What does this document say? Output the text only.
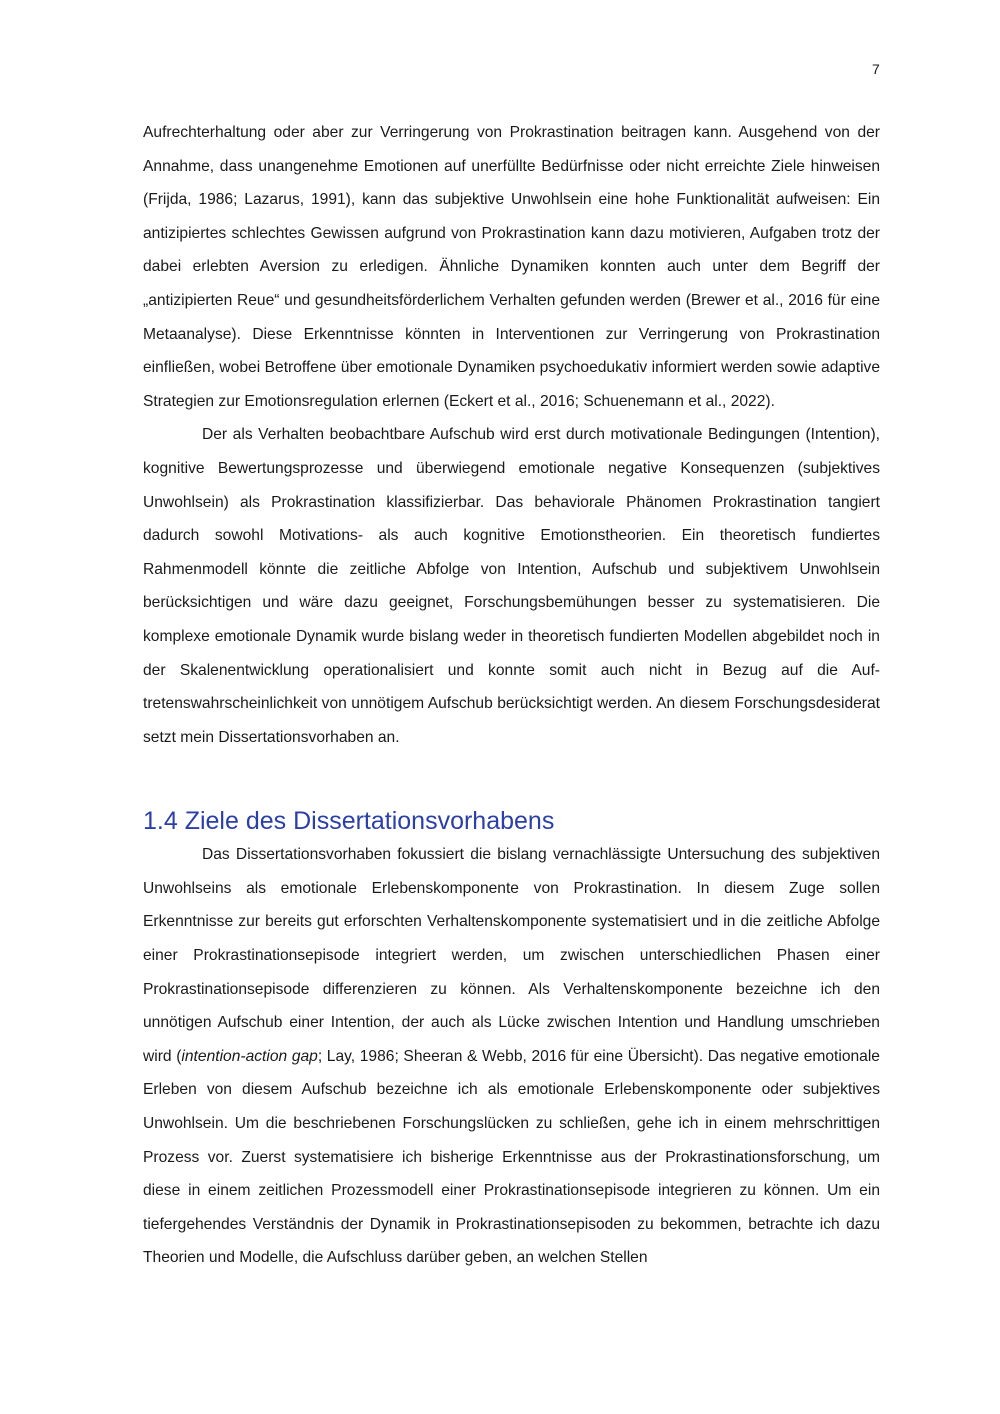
7

Aufrechterhaltung oder aber zur Verringerung von Prokrastination beitragen kann. Ausgehend von der Annahme, dass unangenehme Emotionen auf unerfüllte Bedürfnisse oder nicht erreichte Ziele hinweisen (Frijda, 1986; Lazarus, 1991), kann das subjektive Unwohlsein eine hohe Funktionalität aufweisen: Ein antizipiertes schlechtes Gewissen aufgrund von Prokrastination kann dazu motivieren, Aufgaben trotz der dabei erlebten Aversion zu erledigen. Ähnliche Dynamiken konnten auch unter dem Begriff der „antizipierten Reue“ und gesundheitsförderlichem Verhalten gefunden werden (Brewer et al., 2016 für eine Metaanalyse). Diese Erkenntnisse könnten in Interventionen zur Verringerung von Prokrastination einfließen, wobei Betroffene über emotionale Dynamiken psychoedukativ informiert werden sowie adaptive Strategien zur Emotionsregulation erlernen (Eckert et al., 2016; Schuenemann et al., 2022).

Der als Verhalten beobachtbare Aufschub wird erst durch motivationale Bedingungen (Intention), kognitive Bewertungsprozesse und überwiegend emotionale negative Konsequenzen (subjektives Unwohlsein) als Prokrastination klassifizierbar. Das behaviorale Phänomen Prokrastination tangiert dadurch sowohl Motivations- als auch kognitive Emotionstheorien. Ein theoretisch fundiertes Rahmenmodell könnte die zeitliche Abfolge von Intention, Aufschub und subjektivem Unwohlsein berücksichtigen und wäre dazu geeignet, Forschungsbemühungen besser zu systematisieren. Die komplexe emotionale Dynamik wurde bislang weder in theoretisch fundierten Modellen abgebildet noch in der Skalenentwicklung operationalisiert und konnte somit auch nicht in Bezug auf die Auftretenswahrscheinlichkeit von unnötigem Aufschub berücksichtigt werden. An diesem Forschungsdesiderat setzt mein Dissertationsvorhaben an.

1.4 Ziele des Dissertationsvorhabens

Das Dissertationsvorhaben fokussiert die bislang vernachlässigte Untersuchung des subjektiven Unwohlseins als emotionale Erlebenskomponente von Prokrastination. In diesem Zuge sollen Erkenntnisse zur bereits gut erforschten Verhaltenskomponente systematisiert und in die zeitliche Abfolge einer Prokrastinationsepisode integriert werden, um zwischen unterschiedlichen Phasen einer Prokrastinationsepisode differenzieren zu können. Als Verhaltenskomponente bezeichne ich den unnötigen Aufschub einer Intention, der auch als Lücke zwischen Intention und Handlung umschrieben wird (intention-action gap; Lay, 1986; Sheeran & Webb, 2016 für eine Übersicht). Das negative emotionale Erleben von diesem Aufschub bezeichne ich als emotionale Erlebenskomponente oder subjektives Unwohlsein. Um die beschriebenen Forschungslücken zu schließen, gehe ich in einem mehrschrittigen Prozess vor. Zuerst systematisiere ich bisherige Erkenntnisse aus der Prokrastinationsforschung, um diese in einem zeitlichen Prozessmodell einer Prokrastinationsepisode integrieren zu können. Um ein tiefergehendes Verständnis der Dynamik in Prokrastinationsepisoden zu bekommen, betrachte ich dazu Theorien und Modelle, die Aufschluss darüber geben, an welchen Stellen
